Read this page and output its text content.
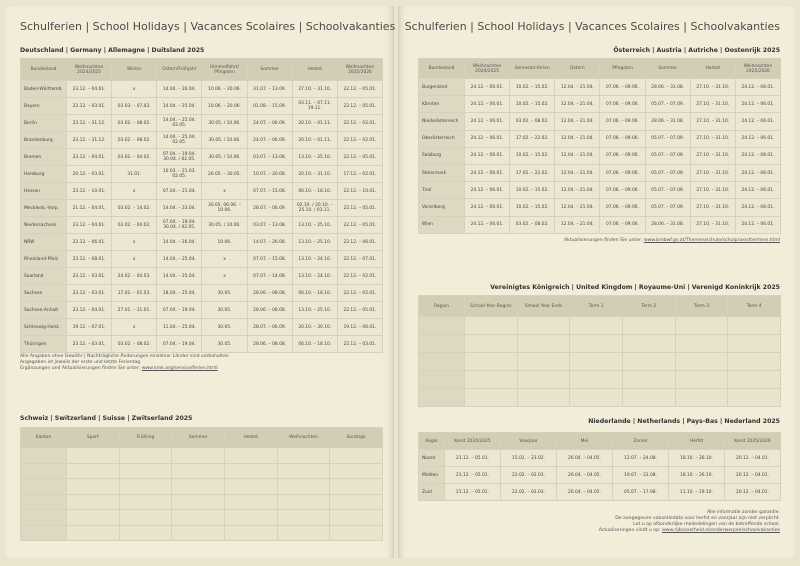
Schulferien | School Holidays | Vacances Scolaires | Schoolvakanties
Deutschland | Germany | Allemagne | Duitsland 2025
Bundesland	Weihnachten 2024/2025	Winter	Ostern/Frühjahr	Himmelfahrt/ Pfingsten	Sommer	Herbst	Weihnachten 2025/2026
Baden-Württemb.	23.12. – 04.01.	x	14.04. – 26.04.	10.06. – 20.06.	31.07. – 13.09.	27.10. – 31.10.	22.12. – 05.01.
Bayern	23.12. – 03.01.	03.03. – 07.03.	14.04. – 25.04.	10.06. – 20.06.	01.08. – 15.09.	03.11. – 07.11. 19.11.	22.12. – 05.01.
Berlin	23.12. – 31.12.	03.02. – 08.02.	14.04. – 25.04. 02.05.	30.05. / 10.06.	24.07. – 06.09.	20.10. – 01.11.	22.12. – 02.01.
Brandenburg	23.12. – 31.12.	03.02. – 08.02.	14.04. – 25.04. 02.05.	30.05. / 10.06.	24.07. – 06.09.	20.10. – 01.11.	22.12. – 02.01.
Bremen	23.12. – 04.01.	03.02. – 04.02.	07.04. – 19.04. 30.04. / 02.05.	30.05. / 10.06.	03.07. – 13.08.	13.10. – 25.10.	22.12. – 05.01.
Hamburg	20.12. – 03.01.	31.01.	10.03. – 21.03. 02.05.	26.05. – 30.05.	10.07. – 20.08.	20.10. – 31.10.	17.12. – 02.01.
Hessen	23.12. – 10.01.	x	07.04. – 21.04.	x	07.07. – 15.08.	06.10. – 18.10.	22.12. – 10.01.
Mecklenb.-Vorp.	21.12. – 04.01.	03.02. – 14.02.	14.04. – 23.04.	30.05. 06.06. – 10.06.	28.07. – 06.09.	02.10. / 20.10. – 25.10. / 03.11.	22.12. – 05.01.
Niedersachsen	23.12. – 04.01.	03.02. – 04.02.	07.04. – 19.04. 30.04. / 02.05.	30.05. / 10.06.	03.07. – 13.08.	13.10. – 25.10.	22.12. – 05.01.
NRW	23.12. – 06.01.	x	14.04. – 26.04.	10.06.	14.07. – 26.08.	13.10. – 25.10.	22.12. – 06.01.
Rheinland-Pfalz	23.12. – 08.01.	x	14.04. – 25.04.	x	07.07. – 15.08.	13.10. – 24.10.	22.12. – 07.01.
Saarland	23.12. – 03.01.	24.02. – 04.03.	14.04. – 25.04.	x	07.07. – 14.08.	13.10. – 24.10.	22.12. – 02.01.
Sachsen	23.12. – 03.01.	17.02. – 01.03.	18.04. – 25.04.	30.05.	28.06. – 08.08.	06.10. – 18.10.	22.12. – 02.01.
Sachsen-Anhalt	23.12. – 04.01.	27.01. – 31.01.	07.04. – 19.04.	30.05.	28.06. – 08.08.	13.10. – 25.10.	22.12. – 05.01.
Schleswig-Holst.	19.12. – 07.01.	x	11.04. – 25.04.	30.05.	28.07. – 06.09.	20.10. – 30.10.	19.12. – 06.01.
Thüringen	23.12. – 03.01.	03.02. – 08.02.	07.04. – 19.04.	30.05.	28.06. – 08.08.	06.10. – 18.10.	22.12. – 03.01.
Alle Angaben ohne Gewähr | Nachträgliche Änderungen einzelner Länder sind vorbehalten
Angegeben ist jeweils der erste und letzte Ferientag
Ergänzungen und Aktualisierungen finden Sie unter: www.kmk.org/service/ferien.html
Schweiz | Switzerland | Suisse | Zwitserland 2025
Kanton	Sport	Frühling	Sommer	Herbst	Weihnachten	Sonstige

Schulferien | School Holidays | Vacances Scolaires | Schoolvakanties
Österreich | Austria | Autriche | Oostenrijk 2025
Bundesland	Weihnachten 2024/2025	Semester-ferien	Ostern	Pfingsten	Sommer	Herbst	Weihnachten 2025/2026
Burgenland	24.12. – 06.01.	10.02. – 15.02.	12.04. – 21.04.	07.06. – 09.06.	28.06. – 31.08.	27.10. – 31.10.	24.12. – 06.01.
Kärnten	24.12. – 06.01.	10.02. – 15.02.	12.04. – 21.04.	07.06. – 09.06.	05.07. – 07.09.	27.10. – 31.10.	24.12. – 06.01.
Niederösterreich	24.12. – 06.01.	03.02. – 08.02.	12.04. – 21.04.	07.06. – 09.06.	28.06. – 31.08.	27.10. – 31.10.	24.12. – 06.01.
Oberösterreich	24.12. – 06.01.	17.02. – 22.02.	12.04. – 21.04.	07.06. – 09.06.	05.07. – 07.09.	27.10. – 31.10.	24.12. – 06.01.
Salzburg	24.12. – 06.01.	10.02. – 15.02.	12.04. – 21.04.	07.06. – 09.06.	05.07. – 07.09.	27.10. – 31.10.	24.12. – 06.01.
Steiermark	24.12. – 06.01.	17.02. – 22.02.	12.04. – 21.04.	07.06. – 09.06.	05.07. – 07.09.	27.10. – 31.10.	24.12. – 06.01.
Tirol	24.12. – 06.01.	10.02. – 15.02.	12.04. – 21.04.	07.06. – 09.06.	05.07. – 07.09.	27.10. – 31.10.	24.12. – 06.01.
Vorarlberg	24.12. – 06.01.	10.02. – 15.02.	12.04. – 21.04.	07.06. – 09.06.	05.07. – 07.09.	27.10. – 31.10.	24.12. – 06.01.
Wien	24.12. – 06.01.	03.02. – 08.02.	12.04. – 21.04.	07.06. – 09.06.	28.06. – 31.08.	27.10. – 31.10.	24.12. – 06.01.
Aktualisierungen finden Sie unter: www.bmbwf.gv.at/Themen/schule/schulpraxis/termine.html
Vereinigtes Königreich | United Kingdom | Royaume-Uni | Verenigd Koninkrijk 2025
Region	School Year Begins	School Year Ends	Term 1	Term 2	Term 3	Term 4

Niederlande | Netherlands | Pays-Bas | Nederland 2025
Regio	Kerst 2024/2025	Voorjaar	Mei	Zomer	Herfst	Kerst 2025/2026
Noord	21.12. – 05.01.	15.02. – 23.02.	26.04. – 04.05.	12.07. – 24.08.	18.10. – 26.10.	20.12. – 04.01.
Midden	21.12. – 05.01.	22.02. – 02.03.	26.04. – 04.05.	19.07. – 31.08.	18.10. – 26.10.	20.12. – 04.01.
Zuid	21.12. – 05.01.	22.02. – 02.03.	26.04. – 04.05.	05.07. – 17.08.	11.10. – 19.10.	20.12. – 04.01.
Alle informatie zonder garantie.
De aangegeven vakantiedata voor herfst en voorjaar zijn niet verplicht.
Let u op afzonderlijke mededelingen van de betreffende school.
Actualiseringen vindt u op: www.rijksoverheid.nl/onderwerpen/schoolvakanties
